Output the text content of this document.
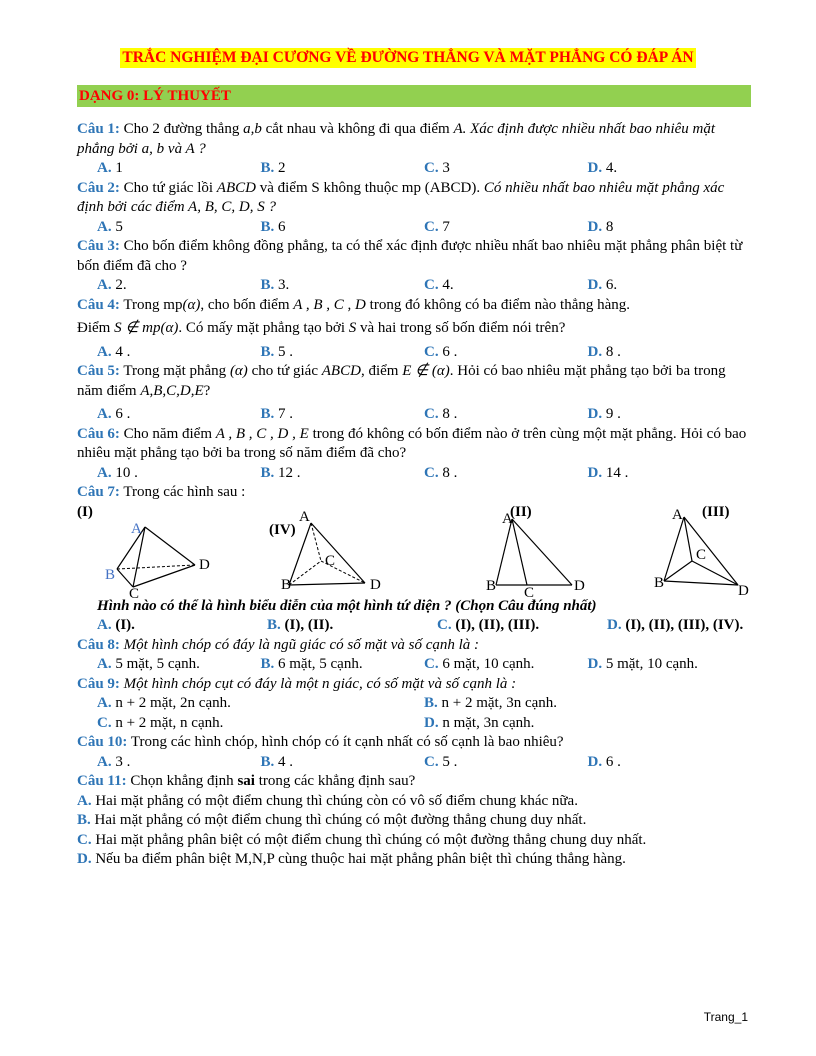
TRẮC NGHIỆM ĐẠI CƯƠNG VỀ ĐƯỜNG THẲNG VÀ MẶT PHẲNG CÓ ĐÁP ÁN
DẠNG 0: LÝ THUYẾT

Câu 1: Cho 2 đường thẳng a,b cắt nhau và không đi qua điểm A. Xác định được nhiều nhất bao nhiêu mặt phẳng bởi a, b và A ?

A. 1	B. 2	C. 3	D. 4.

Câu 2: Cho tứ giác lồi ABCD và điểm S không thuộc mp (ABCD). Có nhiều nhất bao nhiêu mặt phẳng xác định bởi các điểm A, B, C, D, S ?

A. 5	B. 6	C. 7	D. 8

Câu 3: Cho bốn điểm không đồng phẳng, ta có thể xác định được nhiều nhất bao nhiêu mặt phẳng phân biệt từ bốn điểm đã cho ?

A. 2.	B. 3.	C. 4.	D. 6.

Câu 4: Trong mp(α), cho bốn điểm A , B , C , D trong đó không có ba điểm nào thẳng hàng.

Điểm S ∉ mp(α). Có mấy mặt phẳng tạo bởi S và hai trong số bốn điểm nói trên?

A. 4 .	B. 5 .	C. 6 .	D. 8 .

Câu 5: Trong mặt phẳng (α) cho tứ giác ABCD, điểm E ∉ (α). Hỏi có bao nhiêu mặt phẳng tạo bởi ba trong năm điểm A,B,C,D,E?

A. 6 .	B. 7 .	C. 8 .	D. 9 .

Câu 6: Cho năm điểm A , B , C , D , E trong đó không có bốn điểm nào ở trên cùng một mặt phẳng. Hỏi có bao nhiêu mặt phẳng tạo bởi ba trong số năm điểm đã cho?

A. 10 .	B. 12 .	C. 8 .	D. 14 .

Câu 7: Trong các hình sau :

(I)
(IV)
(II)	(III)
A
B
C
D
A
B
C
D
A
B C	D
A
B
C
D

Hình nào có thể là hình biểu diễn của một hình tứ diện ? (Chọn Câu đúng nhất)

A. (I).	B. (I), (II).	C. (I), (II), (III).	D. (I), (II), (III), (IV).

Câu 8: Một hình chóp có đáy là ngũ giác có số mặt và số cạnh là :

A. 5 mặt, 5 cạnh.	B. 6 mặt, 5 cạnh.	C. 6 mặt, 10 cạnh.	D. 5 mặt, 10 cạnh.

Câu 9: Một hình chóp cụt có đáy là một n giác, có số mặt và số cạnh là :

A. n + 2 mặt, 2n cạnh.	B. n + 2 mặt, 3n cạnh.
C. n + 2 mặt, n cạnh.	D. n mặt, 3n cạnh.

Câu 10: Trong các hình chóp, hình chóp có ít cạnh nhất có số cạnh là bao nhiêu?

A. 3 .	B. 4 .	C. 5 .	D. 6 .

Câu 11: Chọn khẳng định sai trong các khẳng định sau?

A. Hai mặt phẳng có một điểm chung thì chúng còn có vô số điểm chung khác nữa.

B. Hai mặt phẳng có một điểm chung thì chúng có một đường thẳng chung duy nhất.

C. Hai mặt phẳng phân biệt có một điểm chung thì chúng có một đường thẳng chung duy nhất.

D. Nếu ba điểm phân biệt M,N,P cùng thuộc hai mặt phẳng phân biệt thì chúng thẳng hàng.

Trang_1
